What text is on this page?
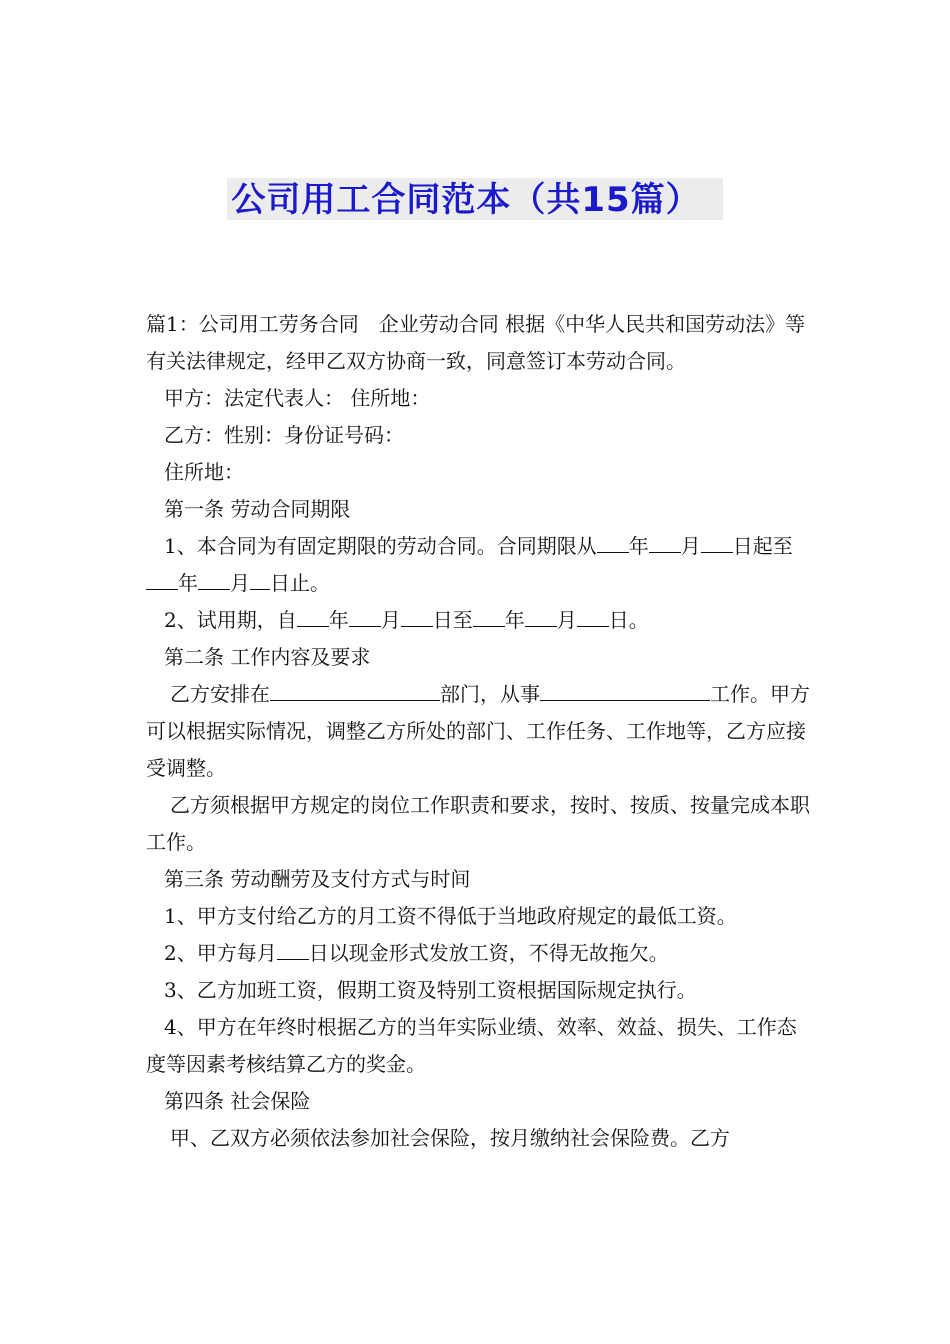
公司用工合同范本（共15篇）

篇1：公司用工劳务合同　企业劳动合同 根据《中华人民共和国劳动法》等有关法律规定，经甲乙双方协商一致，同意签订本劳动合同。

甲方：法定代表人： 住所地：

乙方：性别：身份证号码：

住所地：

第一条 劳动合同期限

1、本合同为有固定期限的劳动合同。合同期限从 年 月 日起至年 月 日止。

2、试用期，自 年 月 日至 年 月 日。

第二条 工作内容及要求

乙方安排在	部门，从事	工作。甲方可以根据实际情况，调整乙方所处的部门、工作任务、工作地等，乙方应接受调整。

乙方须根据甲方规定的岗位工作职责和要求，按时、按质、按量完成本职工作。

第三条 劳动酬劳及支付方式与时间

1、甲方支付给乙方的月工资不得低于当地政府规定的最低工资。

2、甲方每月 日以现金形式发放工资，不得无故拖欠。

3、乙方加班工资，假期工资及特别工资根据国际规定执行。

4、甲方在年终时根据乙方的当年实际业绩、效率、效益、损失、工作态度等因素考核结算乙方的奖金。

第四条 社会保险

甲、乙双方必须依法参加社会保险，按月缴纳社会保险费。乙方
